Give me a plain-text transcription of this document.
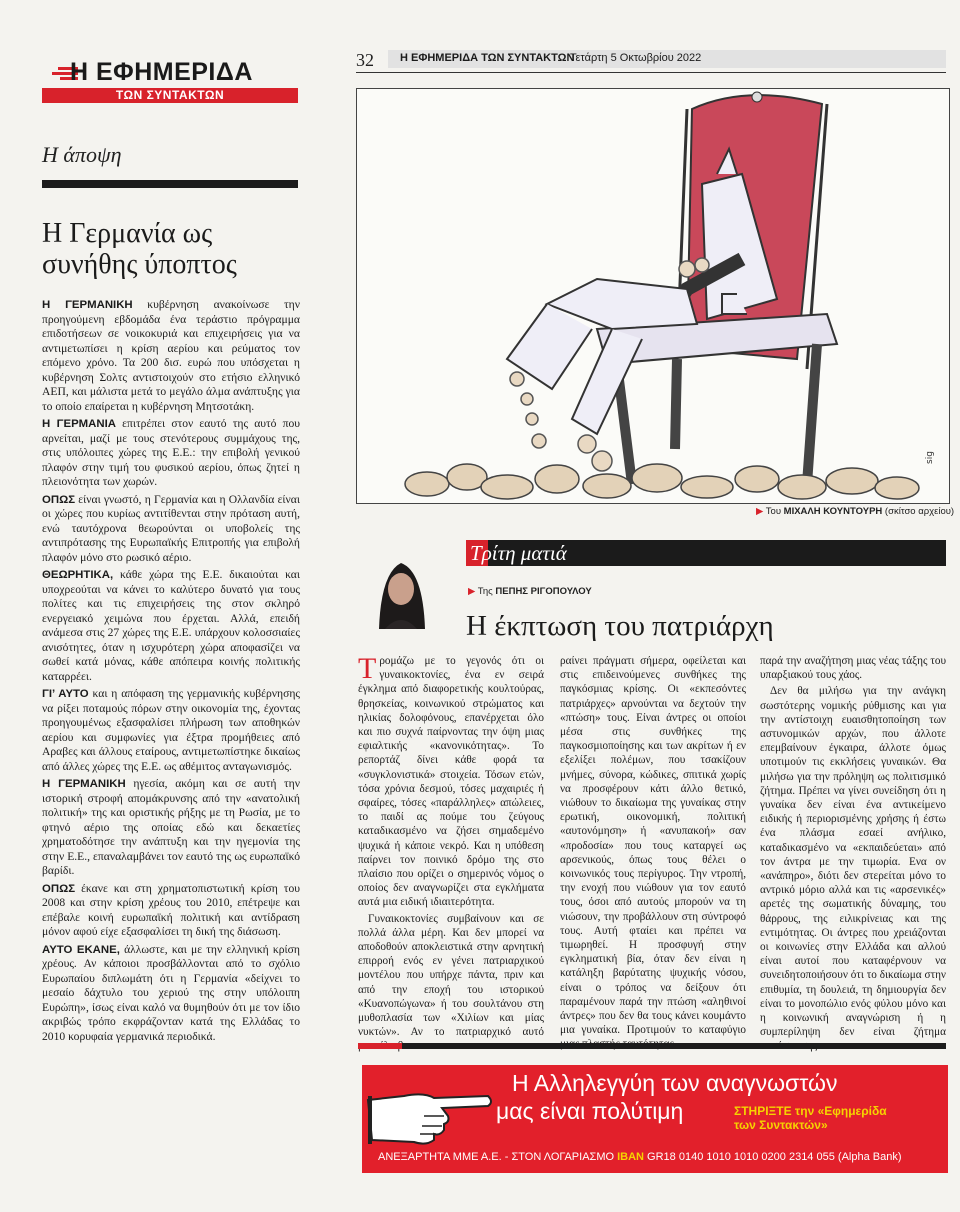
Η ΕΦΗΜΕΡΙΔΑ
ΤΩΝ ΣΥΝΤΑΚΤΩΝ
Η άποψη
Η Γερμανία ως συνήθης ύποπτος

Η ΓΕΡΜΑΝΙΚΗ κυβέρνηση ανακοίνωσε την προηγούμενη εβδομάδα ένα τεράστιο πρόγραμμα επιδοτήσεων σε νοικοκυριά και επιχειρήσεις για να αντιμετωπίσει η κρίση αερίου και ρεύματος τον επόμενο χρόνο. Τα 200 δισ. ευρώ που υπόσχεται η κυβέρνηση Σολτς αντιστοιχούν στο ετήσιο ελληνικό ΑΕΠ, και μάλιστα μετά το μεγάλο άλμα ανάπτυξης για το οποίο επαίρεται η κυβέρνηση Μητσοτάκη.

Η ΓΕΡΜΑΝΙΑ επιτρέπει στον εαυτό της αυτό που αρνείται, μαζί με τους στενότερους συμμάχους της, στις υπόλοιπες χώρες της Ε.Ε.: την επιβολή γενικού πλαφόν στην τιμή του φυσικού αερίου, όπως ζητεί η πλειονότητα των χωρών.

ΟΠΩΣ είναι γνωστό, η Γερμανία και η Ολλανδία είναι οι χώρες που κυρίως αντιτίθενται στην πρόταση αυτή, ενώ ταυτόχρονα θεωρούνται οι υποβολείς της αντιπρότασης της Ευρωπαϊκής Επιτροπής για επιβολή πλαφόν μόνο στο ρωσικό αέριο.

ΘΕΩΡΗΤΙΚΑ, κάθε χώρα της Ε.Ε. δικαιούται και υποχρεούται να κάνει το καλύτερο δυνατό για τους πολίτες και τις επιχειρήσεις της στον σκληρό ενεργειακό χειμώνα που έρχεται. Αλλά, επειδή ανάμεσα στις 27 χώρες της Ε.Ε. υπάρχουν κολοσσιαίες ανισότητες, όταν η ισχυρότερη χώρα αποφασίζει να σωθεί κατά μόνας, κάθε απόπειρα κοινής πολιτικής καταρρέει.

ΓΙ’ ΑΥΤΟ και η απόφαση της γερμανικής κυβέρνησης να ρίξει ποταμούς πόρων στην οικονομία της, έχοντας προηγουμένως εξασφαλίσει πλήρωση των αποθηκών αερίου και συμφωνίες για έξτρα προμήθειες από Αραβες και άλλους εταίρους, αντιμετωπίστηκε δικαίως από άλλες χώρες της Ε.Ε. ως αθέμιτος ανταγωνισμός.

Η ΓΕΡΜΑΝΙΚΗ ηγεσία, ακόμη και σε αυτή την ιστορική στροφή απομάκρυνσης από την «ανατολική πολιτική» της και οριστικής ρήξης με τη Ρωσία, με το φτηνό αέριο της οποίας εδώ και δεκαετίες χρηματοδότησε την ανάπτυξη και την ηγεμονία της στην Ε.Ε., επαναλαμβάνει τον εαυτό της ως ευρωπαϊκό βαρίδι.

ΟΠΩΣ έκανε και στη χρηματοπιστωτική κρίση του 2008 και στην κρίση χρέους του 2010, επέτρεψε και επέβαλε κοινή ευρωπαϊκή πολιτική και αντίδραση μόνον αφού είχε εξασφαλίσει τη δική της διάσωση.

ΑΥΤΟ ΕΚΑΝΕ, άλλωστε, και με την ελληνική κρίση χρέους. Αν κάποιοι προσβάλλονται από το σχόλιο Ευρωπαίου διπλωμάτη ότι η Γερμανία «δείχνει το μεσαίο δάχτυλο του χεριού της στην υπόλοιπη Ευρώπη», ίσως είναι καλό να θυμηθούν ότι με τον ίδιο ακριβώς τρόπο εκφράζονταν κατά της Ελλάδας το 2010 κορυφαία γερμανικά περιοδικά.

32 Η ΕΦΗΜΕΡΙΔΑ ΤΩΝ ΣΥΝΤΑΚΤΩΝ
Τετάρτη 5 Οκτωβρίου 2022
sig
▶ Του ΜΙΧΑΛΗ ΚΟΥΝΤΟΥΡΗ (σκίτσο αρχείου)
Τρίτη ματιά
▶ Της ΠΕΠΗΣ ΡΙΓΟΠΟΥΛΟΥ
Η έκπτωση του πατριάρχη

Τρομάζω με το γεγονός ότι οι γυναικοκτονίες, ένα εν σειρά έγκλημα από διαφορετικής κουλτούρας, θρησκείας, κοινωνικού στρώματος και ηλικίας δολοφόνους, επανέρχεται όλο και πιο συχνά παίρνοντας την όψη μιας εφιαλτικής «κανονικότητας». Το ρεπορτάζ δίνει κάθε φορά τα «συγκλονιστικά» στοιχεία. Τόσων ετών, τόσα χρόνια δεσμού, τόσες μαχαιριές ή σφαίρες, τόσες «παράλληλες» απώλειες, το παιδί ας πούμε του ζεύγους καταδικασμένο να ζήσει σημαδεμένο ψυχικά ή κάποιε νεκρό. Και η υπόθεση παίρνει τον ποινικό δρόμο της στο πλαίσιο που ορίζει ο σημερινός νόμος ο οποίος δεν αναγνωρίζει στα εγκλήματα αυτά μια ειδική ιδιαιτερότητα.

Γυναικοκτονίες συμβαίνουν και σε πολλά άλλα μέρη. Και δεν μπορεί να αποδοθούν αποκλειστικά στην αρνητική επιρροή ενός εν γένει πατριαρχικού μοντέλου που υπήρχε πάντα, πριν και από την εποχή του ιστορικού «Κυανοπώγωνα» ή του σουλτάνου στη μυθοπλασία των «Χιλίων και μίας νυκτών». Αν το πατριαρχικό αυτό

ραίνει πράγματι σήμερα, οφείλεται και στις επιδεινούμενες συνθήκες της παγκόσμιας κρίσης. Οι «εκπεσόντες πατριάρχες» αρνούνται να δεχτούν την «πτώση» τους. Είναι άντρες οι οποίοι μέσα στις συνθήκες της παγκοσμιοποίησης και των ακρίτων ή εν εξελίξει πολέμων, που τσακίζουν μνήμες, σύνορα, κώδικες, σπιτικά χωρίς να προσφέρουν κάτι άλλο θετικό, νιώθουν το δικαίωμα της γυναίκας στην ερωτική, οικονομική, πολιτική «αυτονόμηση» ή «ανυπακοή» σαν «προδοσία» που τους καταργεί ως αρσενικούς, όπως τους θέλει ο κοινωνικός τους περίγυρος. Την ντροπή, την ενοχή που νιώθουν για τον εαυτό τους, όσοι από αυτούς μπορούν να τη νιώσουν, την προβάλλουν στη σύντροφό τους. Αυτή φταίει και πρέπει να τιμωρηθεί. Η προσφυγή στην εγκληματική βία, όταν δεν είναι η κατάληξη βαρύτατης ψυχικής νόσου, είναι ο τρόπος να δείξουν ότι παραμένουν παρά την πτώση «αληθινοί άντρες» που δεν θα τους κάνει κουμάντο μια γυναίκα. Προτιμούν το καταφύγιο

παρά την αναζήτηση μιας νέας τάξης του υπαρξιακού τους χάος.

Δεν θα μιλήσω για την ανάγκη σωστότερης νομικής ρύθμισης και για την αντίστοιχη ευαισθητοποίηση των αστυνομικών αρχών, που άλλοτε επεμβαίνουν έγκαιρα, άλλοτε όμως υποτιμούν τις εκκλήσεις γυναικών. Θα μιλήσω για την πρόληψη ως πολιτισμικό ζήτημα. Πρέπει να γίνει συνείδηση ότι η γυναίκα δεν είναι ένα αντικείμενο ειδικής ή περιορισμένης χρήσης ή έστω ένα πλάσμα εσαεί ανήλικο, καταδικασμένο να «εκπαιδεύεται» από τον άντρα με την τιμωρία. Ενα ον «ανάπηρο», διότι δεν στερείται μόνο το αντρικό μόριο αλλά και τις «αρσενικές» αρετές της σωματικής δύναμης, του θάρρους, της ειλικρίνειας και της εντιμότητας. Οι άντρες που χρειάζονται οι κοινωνίες στην Ελλάδα και αλλού είναι αυτοί που καταφέρνουν να συνειδητοποιήσουν ότι το δικαίωμα στην επιθυμία, τη δουλειά, τη δημιουργία δεν είναι το μονοπώλιο ενός φύλου μόνο και η κοινωνική αναγνώριση ή η συμπερίληψη δεν είναι ζήτημα

Η Αλληλεγγύη των αναγνωστών
μας είναι πολύτιμη	ΣΤΗΡΙΞΤΕ την «Εφημερίδα
των Συντακτών»
ΑΝΕΞΑΡΤΗΤΑ ΜΜΕ Α.Ε. - ΣΤΟΝ ΛΟΓΑΡΙΑΣΜΟ IBAN GR18 0140 1010 1010 0200 2314 055 (Alpha Bank)
